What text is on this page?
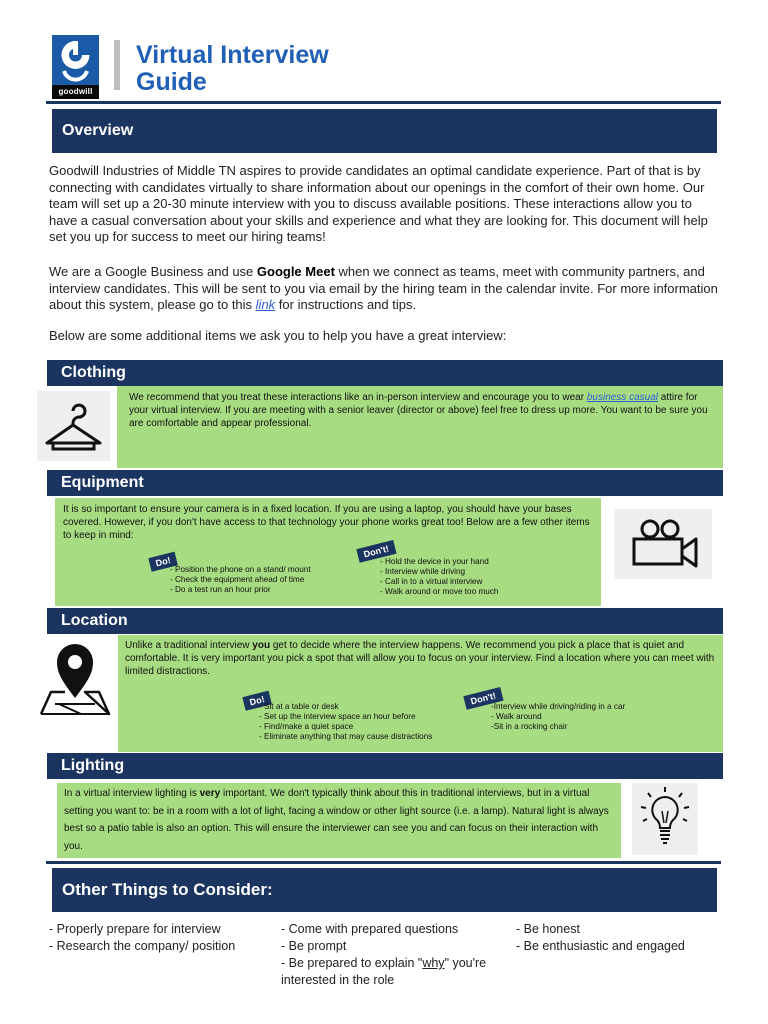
goodwill
Virtual Interview
Guide
Overview
Goodwill Industries of Middle TN aspires to provide candidates an optimal candidate experience. Part of that is by connecting with candidates virtually to share information about our openings in the comfort of their own home. Our team will set up a 20-30 minute interview with you to discuss available positions. These interactions allow you to have a casual conversation about your skills and experience and what they are looking for. This document will help set you up for success to meet our hiring teams!
We are a Google Business and use Google Meet when we connect as teams, meet with community partners, and interview candidates. This will be sent to you via email by the hiring team in the calendar invite. For more information about this system, please go to this link for instructions and tips.
Below are some additional items we ask you to help you have a great interview:
Clothing
We recommend that you treat these interactions like an in-person interview and encourage you to wear business casual attire for your virtual interview. If you are meeting with a senior leaver (director or above) feel free to dress up more. You want to be sure you are comfortable and appear professional.
Equipment
It is so important to ensure your camera is in a fixed location. If you are using a laptop, you should have your bases covered. However, if you don't have access to that technology your phone works great too! Below are a few other items to keep in mind:
Do!
- Position the phone on a stand/ mount
- Check the equipment ahead of time
- Do a test run an hour prior
Don't!
- Hold the device in your hand
- Interview while driving
- Call in to a virtual interview
- Walk around or move too much
Location
Unlike a traditional interview you get to decide where the interview happens. We recommend you pick a place that is quiet and comfortable. It is very important you pick a spot that will allow you to focus on your interview. Find a location where you can meet with limited distractions.
Do!
- Sit at a table or desk
- Set up the interview space an hour before
- Find/make a quiet space
- Eliminate anything that may cause distractions
Don't!
-Interview while driving/riding in a car
- Walk around
-Sit in a rocking chair
Lighting
In a virtual interview lighting is very important. We don't typically think about this in traditional interviews, but in a virtual setting you want to: be in a room with a lot of light, facing a window or other light source (i.e. a lamp). Natural light is always best so a patio table is also an option. This will ensure the interviewer can see you and can focus on their interaction with you.
Other Things to Consider:
- Properly prepare for interview
- Research the company/ position
- Come with prepared questions
- Be prompt
- Be prepared to explain "why" you're interested in the role
- Be honest
- Be enthusiastic and engaged
